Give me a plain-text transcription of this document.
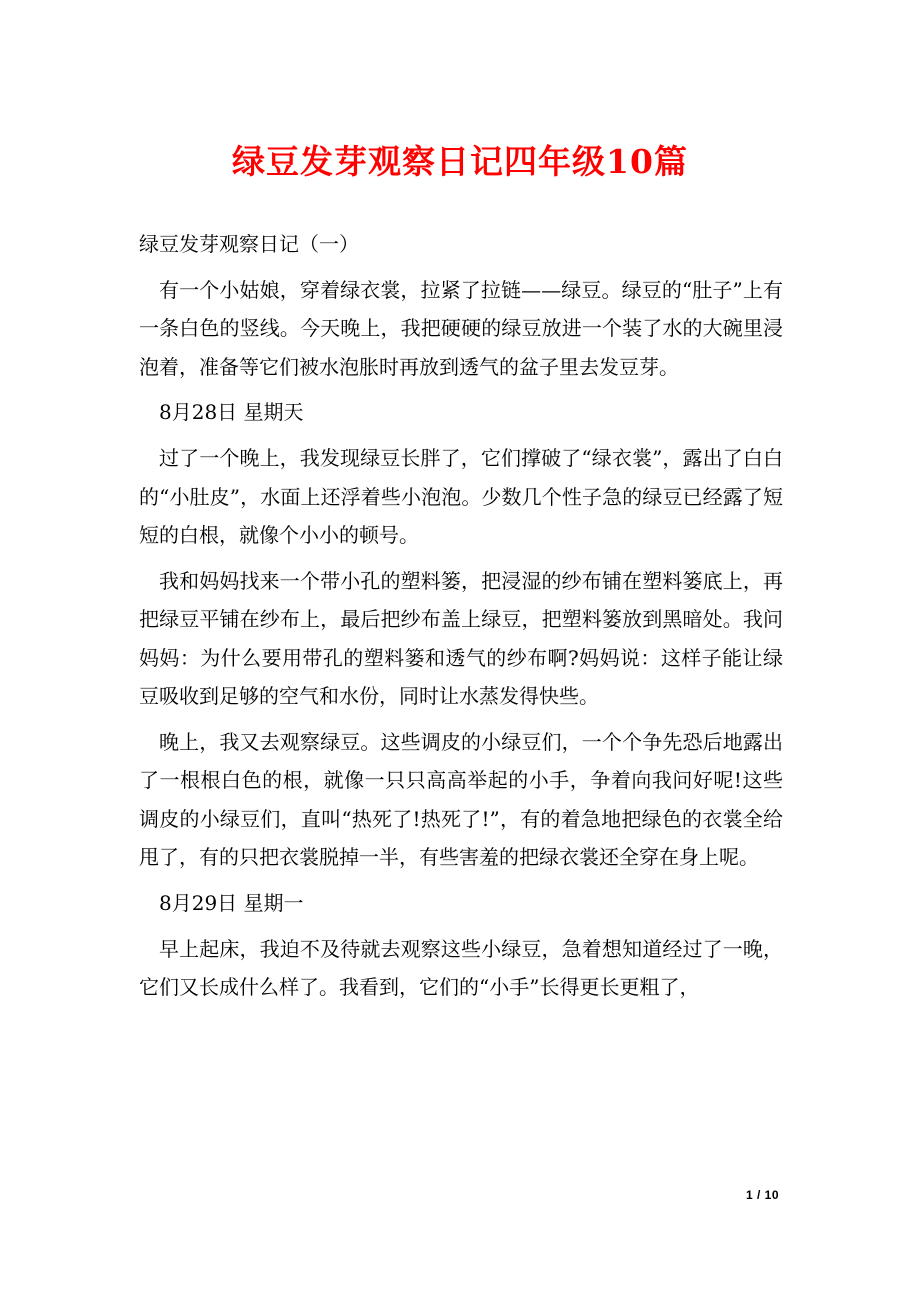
绿豆发芽观察日记四年级10篇

绿豆发芽观察日记（一）

有一个小姑娘，穿着绿衣裳，拉紧了拉链——绿豆。绿豆的“肚子”上有一条白色的竖线。今天晚上，我把硬硬的绿豆放进一个装了水的大碗里浸泡着，准备等它们被水泡胀时再放到透气的盆子里去发豆芽。

8月28日 星期天

过了一个晚上，我发现绿豆长胖了，它们撑破了“绿衣裳”，露出了白白的“小肚皮”，水面上还浮着些小泡泡。少数几个性子急的绿豆已经露了短短的白根，就像个小小的顿号。

我和妈妈找来一个带小孔的塑料篓，把浸湿的纱布铺在塑料篓底上，再把绿豆平铺在纱布上，最后把纱布盖上绿豆，把塑料篓放到黑暗处。我问妈妈：为什么要用带孔的塑料篓和透气的纱布啊?妈妈说：这样子能让绿豆吸收到足够的空气和水份，同时让水蒸发得快些。

晚上，我又去观察绿豆。这些调皮的小绿豆们，一个个争先恐后地露出了一根根白色的根，就像一只只高高举起的小手，争着向我问好呢!这些调皮的小绿豆们，直叫“热死了!热死了!”，有的着急地把绿色的衣裳全给甩了，有的只把衣裳脱掉一半，有些害羞的把绿衣裳还全穿在身上呢。

8月29日 星期一

早上起床，我迫不及待就去观察这些小绿豆，急着想知道经过了一晚，它们又长成什么样了。我看到，它们的“小手”长得更长更粗了，

1 / 10
